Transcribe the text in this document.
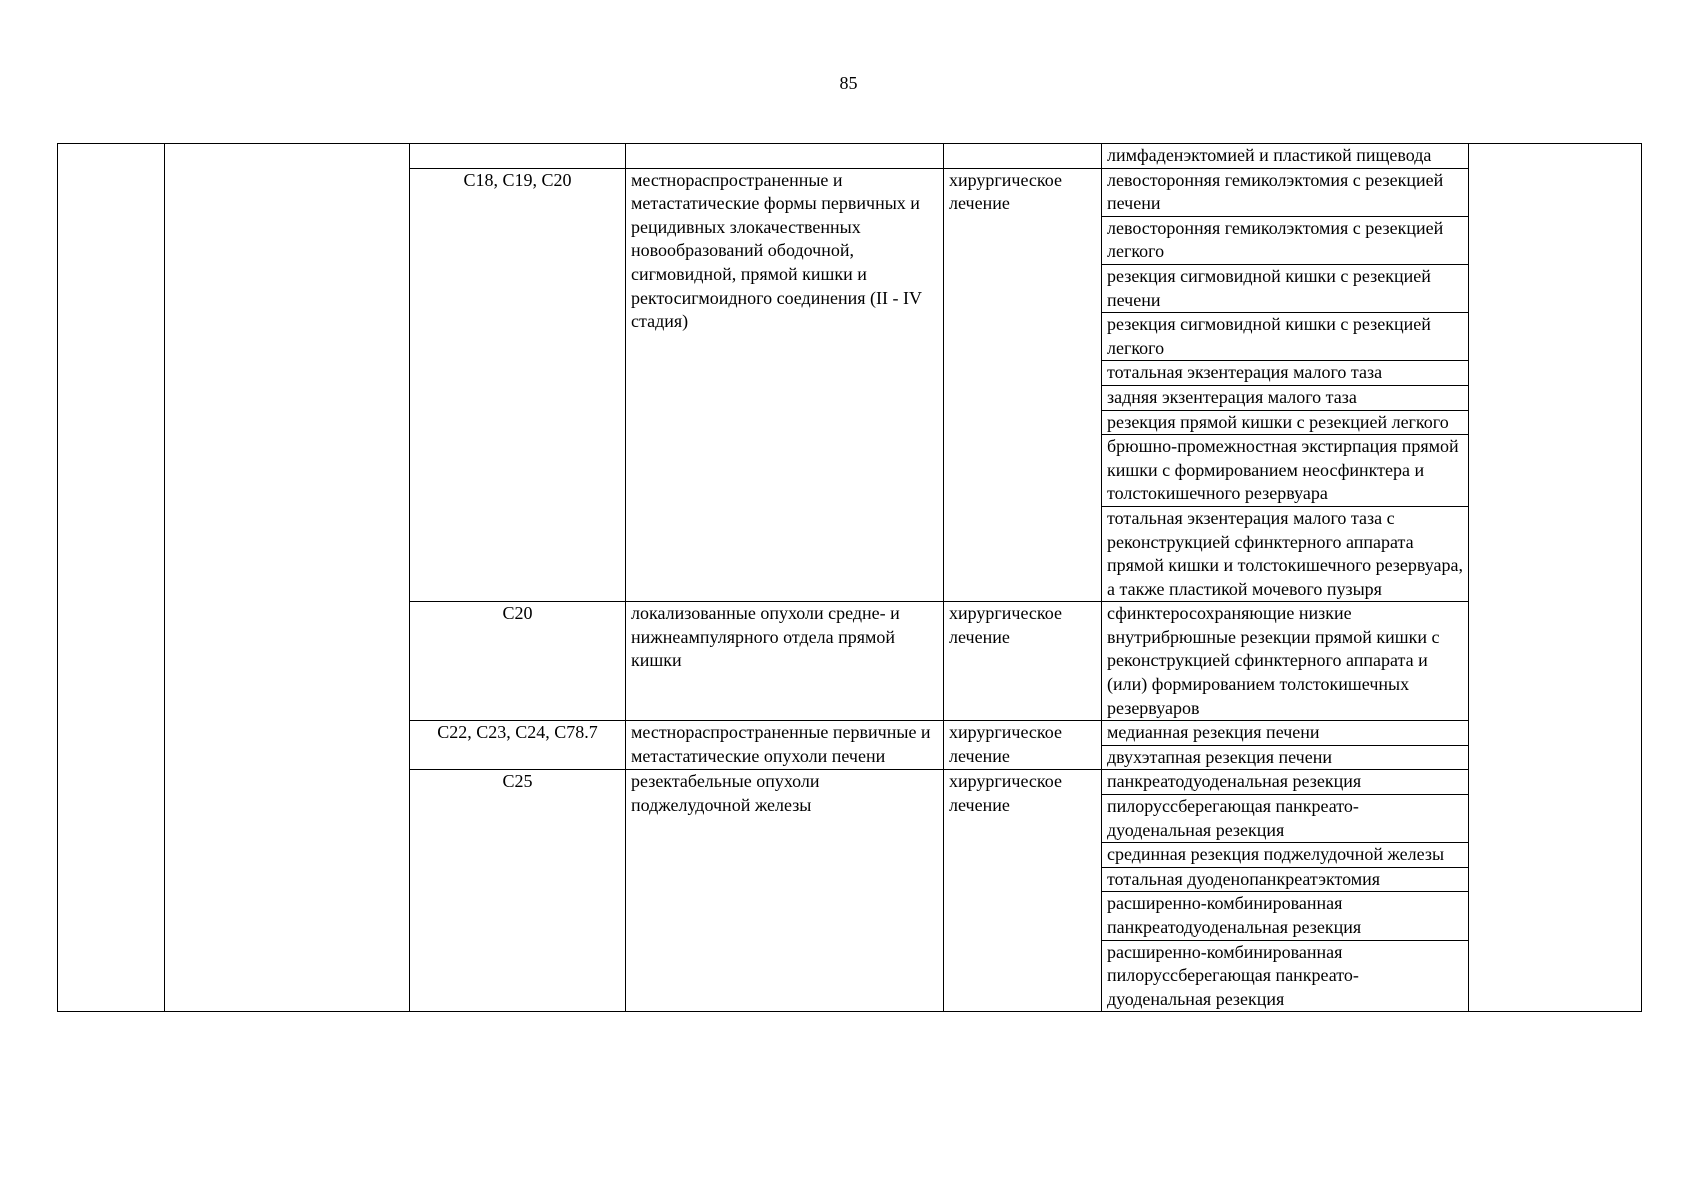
85
					лимфаденэктомией и пластикой пищевода	
		C18, C19, C20	местнораспространенные и метастатические формы первичных и рецидивных злокачественных новообразований ободочной, сигмовидной, прямой кишки и ректосигмоидного соединения (II - IV стадия)	хирургическое лечение	левосторонняя гемиколэктомия с резекцией печени	
					левосторонняя гемиколэктомия с резекцией легкого	
					резекция сигмовидной кишки с резекцией печени	
					резекция сигмовидной кишки с резекцией легкого	
					тотальная экзентерация малого таза	
					задняя экзентерация малого таза	
					резекция прямой кишки с резекцией легкого	
					брюшно-промежностная экстирпация прямой кишки с формированием неосфинктера и толстокишечного резервуара	
					тотальная экзентерация малого таза с реконструкцией сфинктерного аппарата прямой кишки и толстокишечного резервуара, а также пластикой мочевого пузыря	
		C20	локализованные опухоли средне- и нижнеампулярного отдела прямой кишки	хирургическое лечение	сфинктеросохраняющие низкие внутрибрюшные резекции прямой кишки с реконструкцией сфинктерного аппарата и (или) формированием толстокишечных резервуаров	
		C22, C23, C24, C78.7	местнораспространенные первичные и метастатические опухоли печени	хирургическое лечение	медианная резекция печени	
					двухэтапная резекция печени	
		C25	резектабельные опухоли поджелудочной железы	хирургическое лечение	панкреатодуоденальная резекция	
					пилоруссберегающая панкреато-дуоденальная резекция	
					срединная резекция поджелудочной железы	
					тотальная дуоденопанкреатэктомия	
					расширенно-комбинированная панкреатодуоденальная резекция	
					расширенно-комбинированная пилоруссберегающая панкреато-дуоденальная резекция	
